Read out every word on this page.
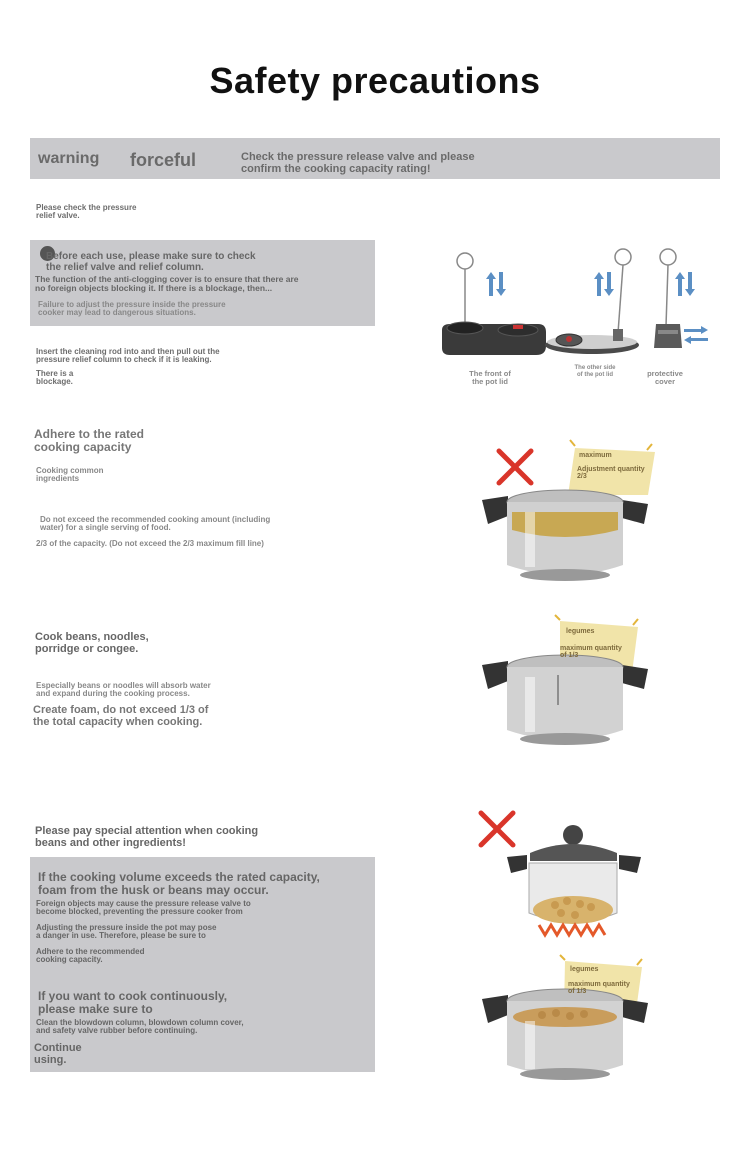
Safety precautions
warning forceful	Check the pressure release valve and please
confirm the cooking capacity rating!
Please check the pressure
relief valve.
Before each use, please make sure to check
the relief valve and relief column.
The function of the anti-clogging cover is to ensure that there are
no foreign objects blocking it. If there is a blockage, then...
Failure to adjust the pressure inside the pressure
cooker may lead to dangerous situations.
Insert the cleaning rod into and then pull out the
pressure relief column to check if it is leaking.
There is a
blockage.
The front of
the pot lid
The other side
of the pot lid	protective
cover
Adhere to the rated
cooking capacity
Cooking common
ingredients
Do not exceed the recommended cooking amount (including
water) for a single serving of food.
2/3 of the capacity. (Do not exceed the 2/3 maximum fill line)
maximum
Adjustment quantity
2/3
Cook beans, noodles,
porridge or congee.
Especially beans or noodles will absorb water
and expand during the cooking process.
Create foam, do not exceed 1/3 of
the total capacity when cooking.
legumes
maximum quantity
of 1/3
Please pay special attention when cooking
beans and other ingredients!
If the cooking volume exceeds the rated capacity,
foam from the husk or beans may occur.
Foreign objects may cause the pressure release valve to
become blocked, preventing the pressure cooker from
Adjusting the pressure inside the pot may pose
a danger in use. Therefore, please be sure to
Adhere to the recommended
cooking capacity.
If you want to cook continuously,
please make sure to
Clean the blowdown column, blowdown column cover,
and safety valve rubber before continuing.
Continue
using.
legumes
maximum quantity
of 1/3
